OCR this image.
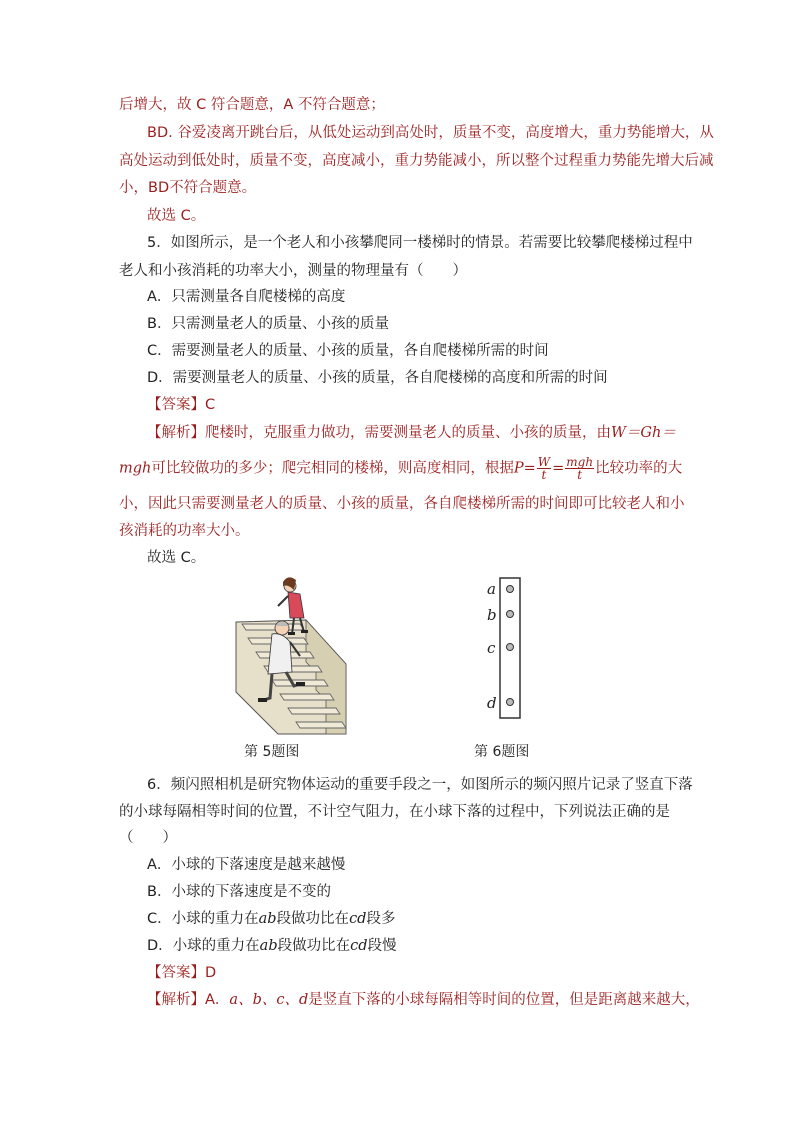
后增大，故 C 符合题意，A 不符合题意；
BD. 谷爱凌离开跳台后，从低处运动到高处时，质量不变，高度增大，重力势能增大，从
高处运动到低处时，质量不变，高度减小，重力势能减小，所以整个过程重力势能先增大后减
小，BD不符合题意。
故选 C。
5．如图所示，是一个老人和小孩攀爬同一楼梯时的情景。若需要比较攀爬楼梯过程中
老人和小孩消耗的功率大小，测量的物理量有（　　）
A．只需测量各自爬楼梯的高度
B．只需测量老人的质量、小孩的质量
C．需要测量老人的质量、小孩的质量，各自爬楼梯所需的时间
D．需要测量老人的质量、小孩的质量，各自爬楼梯的高度和所需的时间
【答案】C
【解析】爬楼时，克服重力做功，需要测量老人的质量、小孩的质量，由W＝Gh＝
mgh可比较做功的多少；爬完相同的楼梯，则高度相同，根据$P= \frac{W}{t} = \frac{\text{mgh}}{t}$ 比较功率的大
小，因此只需要测量老人的质量、小孩的质量，各自爬楼梯所需的时间即可比较老人和小
孩消耗的功率大小。
故选 C。
第 5题图
a
b
c
d
第 6题图
6．频闪照相机是研究物体运动的重要手段之一，如图所示的频闪照片记录了竖直下落
的小球每隔相等时间的位置，不计空气阻力，在小球下落的过程中，下列说法正确的是
（　　）
A．小球的下落速度是越来越慢
B．小球的下落速度是不变的
C．小球的重力在ab段做功比在cd段多
D．小球的重力在ab段做功比在cd段慢
【答案】D
【解析】A．a、b、c、d是竖直下落的小球每隔相等时间的位置，但是距离越来越大，
